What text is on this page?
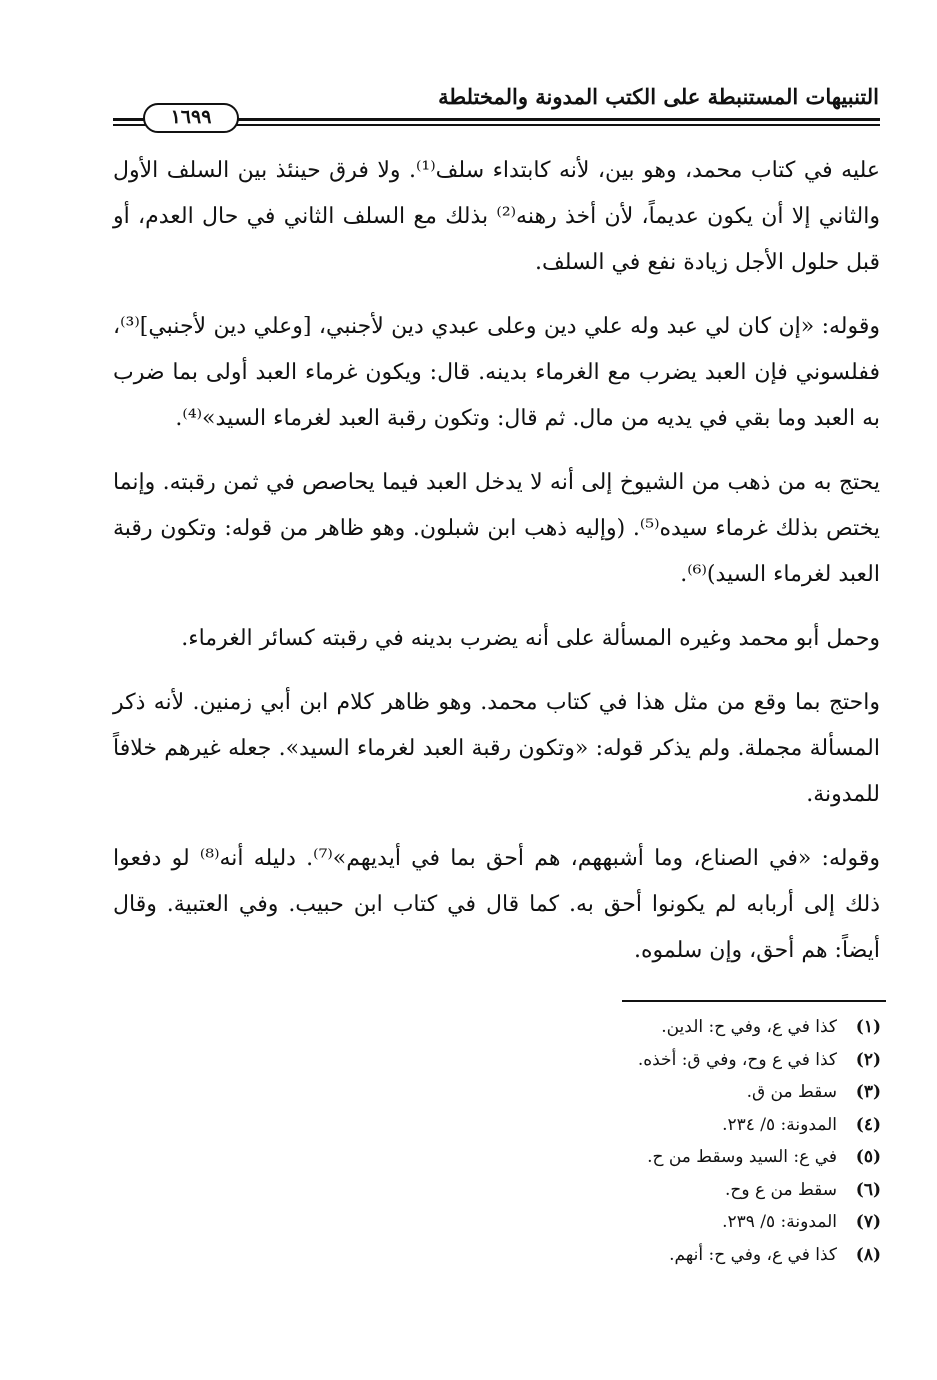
التنبيهات المستنبطة على الكتب المدونة والمختلطة
١٦٩٩

عليه في كتاب محمد، وهو بين، لأنه كابتداء سلف⁽¹⁾. ولا فرق حينئذ بين السلف الأول والثاني إلا أن يكون عديماً، لأن أخذ رهنه⁽²⁾ بذلك مع السلف الثاني في حال العدم، أو قبل حلول الأجل زيادة نفع في السلف.

وقوله: «إن كان لي عبد وله علي دين وعلى عبدي دين لأجنبي، [وعلي دين لأجنبي]⁽³⁾، ففلسوني فإن العبد يضرب مع الغرماء بدينه. قال: ويكون غرماء العبد أولى بما ضرب به العبد وما بقي في يديه من مال. ثم قال: وتكون رقبة العبد لغرماء السيد»⁽⁴⁾.

يحتج به من ذهب من الشيوخ إلى أنه لا يدخل العبد فيما يحاصص في ثمن رقبته. وإنما يختص بذلك غرماء سيده⁽⁵⁾. (وإليه ذهب ابن شبلون. وهو ظاهر من قوله: وتكون رقبة العبد لغرماء السيد)⁽⁶⁾.

وحمل أبو محمد وغيره المسألة على أنه يضرب بدينه في رقبته كسائر الغرماء.

واحتج بما وقع من مثل هذا في كتاب محمد. وهو ظاهر كلام ابن أبي زمنين. لأنه ذكر المسألة مجملة. ولم يذكر قوله: «وتكون رقبة العبد لغرماء السيد». جعله غيرهم خلافاً للمدونة.

وقوله: «في الصناع، وما أشبههم، هم أحق بما في أيديهم»⁽⁷⁾. دليله أنه⁽⁸⁾ لو دفعوا ذلك إلى أربابه لم يكونوا أحق به. كما قال في كتاب ابن حبيب. وفي العتبية. وقال أيضاً: هم أحق، وإن سلموه.

(١)
كذا في ع، وفي ح: الدين.
(٢)
كذا في ع وح، وفي ق: أخذه.
(٣)
سقط من ق.
(٤)
المدونة: ٥/ ٢٣٤.
(٥)
في ع: السيد وسقط من ح.
(٦)
سقط من ع وح.
(٧)
المدونة: ٥/ ٢٣٩.
(٨)
كذا في ع، وفي ح: أنهم.
